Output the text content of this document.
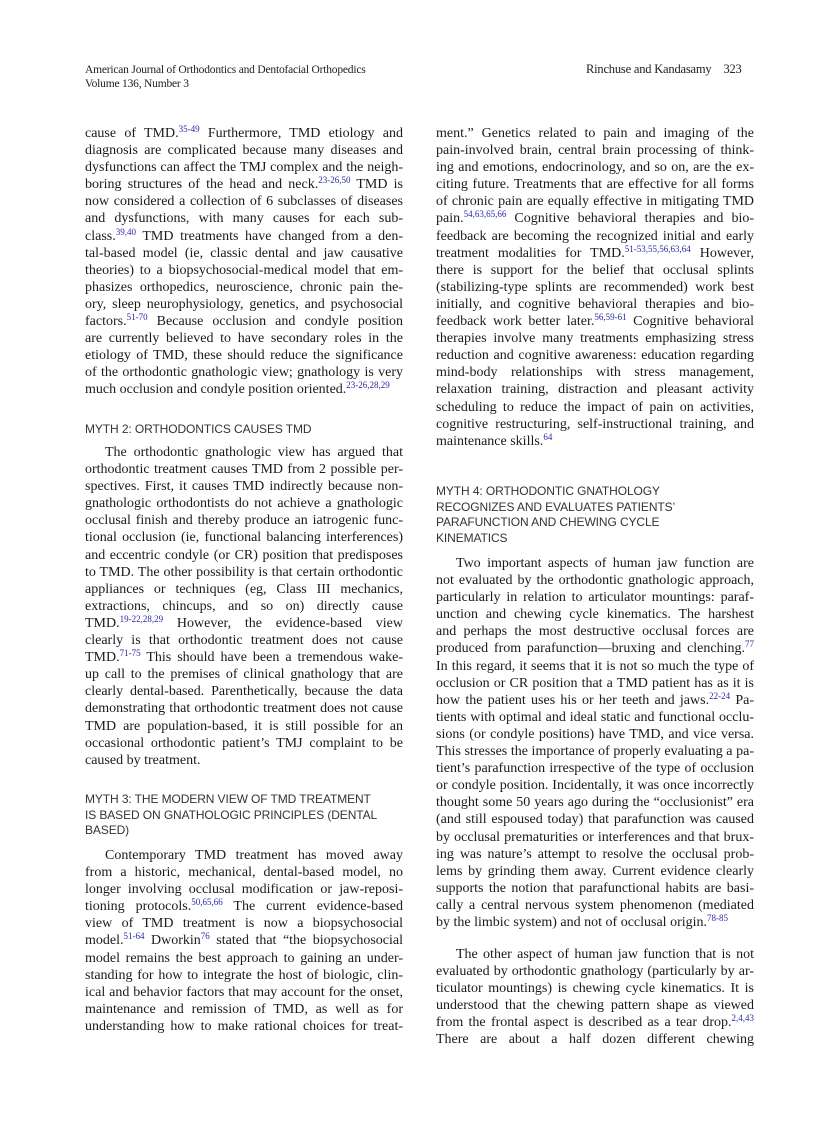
American Journal of Orthodontics and Dentofacial Orthopedics
Volume 136, Number 3
Rinchuse and Kandasamy 323
cause of TMD.$^{35-49}$ Furthermore, TMD etiology and
diagnosis are complicated because many diseases and
dysfunctions can affect the TMJ complex and the neigh-
boring structures of the head and neck.$^{23-26,50}$ TMD is
now considered a collection of 6 subclasses of diseases
and dysfunctions, with many causes for each sub-
class.$^{39,40}$ TMD treatments have changed from a den-
tal-based model (ie, classic dental and jaw causative
theories) to a biopsychosocial-medical model that em-
phasizes orthopedics, neuroscience, chronic pain the-
ory, sleep neurophysiology, genetics, and psychosocial
factors.$^{51-70}$ Because occlusion and condyle position
are currently believed to have secondary roles in the
etiology of TMD, these should reduce the significance
of the orthodontic gnathologic view; gnathology is very
much occlusion and condyle position oriented.$^{23-26,28,29}$
MYTH 2: ORTHODONTICS CAUSES TMD
The orthodontic gnathologic view has argued that
orthodontic treatment causes TMD from 2 possible per-
spectives. First, it causes TMD indirectly because non-
gnathologic orthodontists do not achieve a gnathologic
occlusal finish and thereby produce an iatrogenic func-
tional occlusion (ie, functional balancing interferences)
and eccentric condyle (or CR) position that predisposes
to TMD. The other possibility is that certain orthodontic
appliances or techniques (eg, Class III mechanics,
extractions, chincups, and so on) directly cause
TMD.$^{19-22,28,29}$ However, the evidence-based view
clearly is that orthodontic treatment does not cause
TMD.$^{71-75}$ This should have been a tremendous wake-
up call to the premises of clinical gnathology that are
clearly dental-based. Parenthetically, because the data
demonstrating that orthodontic treatment does not cause
TMD are population-based, it is still possible for an
occasional orthodontic patient’s TMJ complaint to be
caused by treatment.
MYTH 3: THE MODERN VIEW OF TMD TREATMENT
IS BASED ON GNATHOLOGIC PRINCIPLES (DENTAL
BASED)
Contemporary TMD treatment has moved away
from a historic, mechanical, dental-based model, no
longer involving occlusal modification or jaw-reposi-
tioning protocols.$^{50,65,66}$ The current evidence-based
view of TMD treatment is now a biopsychosocial
model.$^{51-64}$ Dworkin$^{76}$ stated that “the biopsychosocial
model remains the best approach to gaining an under-
standing for how to integrate the host of biologic, clin-
ical and behavior factors that may account for the onset,
maintenance and remission of TMD, as well as for
understanding how to make rational choices for treat-
ment.” Genetics related to pain and imaging of the
pain-involved brain, central brain processing of think-
ing and emotions, endocrinology, and so on, are the ex-
citing future. Treatments that are effective for all forms
of chronic pain are equally effective in mitigating TMD
pain.$^{54,63,65,66}$ Cognitive behavioral therapies and bio-
feedback are becoming the recognized initial and early
treatment modalities for TMD.$^{51-53,55,56,63,64}$ However,
there is support for the belief that occlusal splints
(stabilizing-type splints are recommended) work best
initially, and cognitive behavioral therapies and bio-
feedback work better later.$^{56,59-61}$ Cognitive behavioral
therapies involve many treatments emphasizing stress
reduction and cognitive awareness: education regarding
mind-body relationships with stress management,
relaxation training, distraction and pleasant activity
scheduling to reduce the impact of pain on activities,
cognitive restructuring, self-instructional training, and
maintenance skills.$^{64}$
MYTH 4: ORTHODONTIC GNATHOLOGY
RECOGNIZES AND EVALUATES PATIENTS’
PARAFUNCTION AND CHEWING CYCLE
KINEMATICS
Two important aspects of human jaw function are
not evaluated by the orthodontic gnathologic approach,
particularly in relation to articulator mountings: paraf-
unction and chewing cycle kinematics. The harshest
and perhaps the most destructive occlusal forces are
produced from parafunction—bruxing and clenching.$^{77}$
In this regard, it seems that it is not so much the type of
occlusion or CR position that a TMD patient has as it is
how the patient uses his or her teeth and jaws.$^{22-24}$ Pa-
tients with optimal and ideal static and functional occlu-
sions (or condyle positions) have TMD, and vice versa.
This stresses the importance of properly evaluating a pa-
tient’s parafunction irrespective of the type of occlusion
or condyle position. Incidentally, it was once incorrectly
thought some 50 years ago during the “occlusionist” era
(and still espoused today) that parafunction was caused
by occlusal prematurities or interferences and that brux-
ing was nature’s attempt to resolve the occlusal prob-
lems by grinding them away. Current evidence clearly
supports the notion that parafunctional habits are basi-
cally a central nervous system phenomenon (mediated
by the limbic system) and not of occlusal origin.$^{78-85}$
The other aspect of human jaw function that is not
evaluated by orthodontic gnathology (particularly by ar-
ticulator mountings) is chewing cycle kinematics. It is
understood that the chewing pattern shape as viewed
from the frontal aspect is described as a tear drop.$^{2,4,43}$
There are about a half dozen different chewing
